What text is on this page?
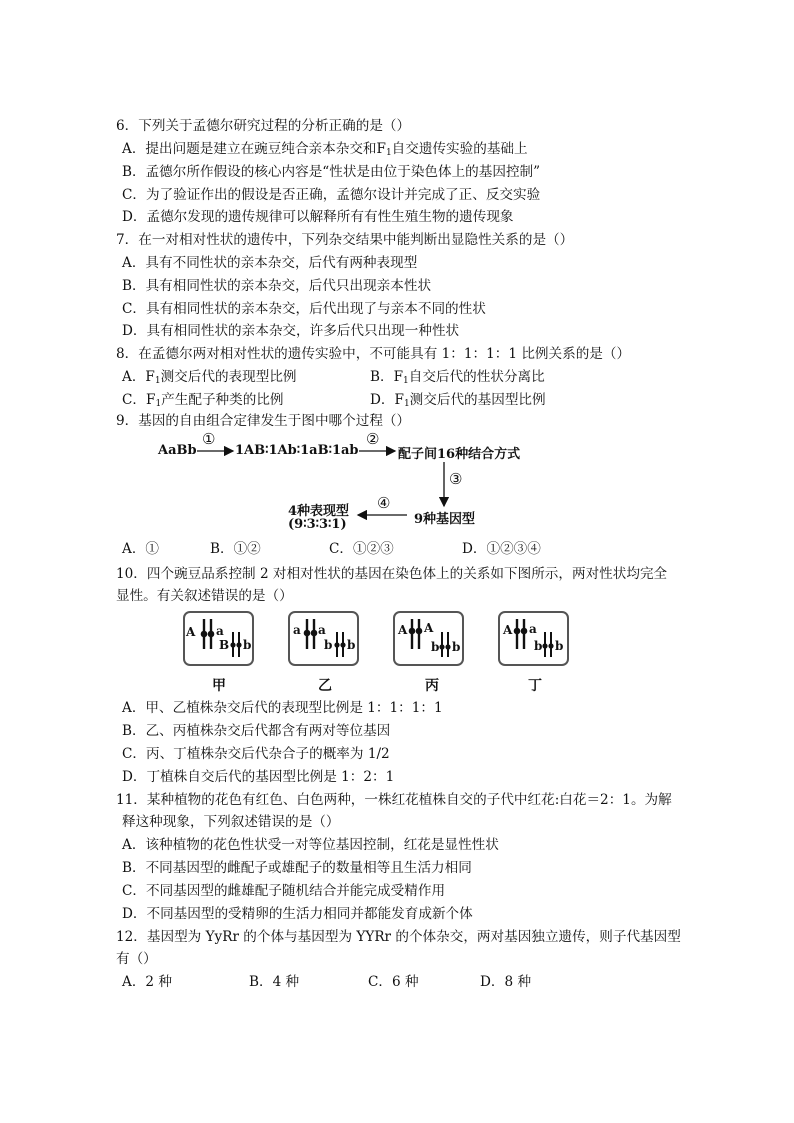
6．下列关于孟德尔研究过程的分析正确的是（）
A．提出问题是建立在豌豆纯合亲本杂交和$F_1$自交遗传实验的基础上
B．孟德尔所作假设的核心内容是“性状是由位于染色体上的基因控制”
C．为了验证作出的假设是否正确，孟德尔设计并完成了正、反交实验
D．孟德尔发现的遗传规律可以解释所有有性生殖生物的遗传现象
7．在一对相对性状的遗传中，下列杂交结果中能判断出显隐性关系的是（）
A．具有不同性状的亲本杂交，后代有两种表现型
B．具有相同性状的亲本杂交，后代只出现亲本性状
C．具有相同性状的亲本杂交，后代出现了与亲本不同的性状
D．具有相同性状的亲本杂交，许多后代只出现一种性状
8．在孟德尔两对相对性状的遗传实验中，不可能具有 1：1：1：1 比例关系的是（）
A．$F_1$测交后代的表现型比例	B．$F_1$自交后代的性状分离比
C．$F_1$产生配子种类的比例	D．$F_1$测交后代的基因型比例
9．基因的自由组合定律发生于图中哪个过程（）
AaBb
①
1AB∶1Ab∶1aB∶1ab
②
配子间16种结合方式
③
9种基因型
④
4种表现型
(9∶3∶3∶1)
A．①	B．①②	C．①②③	D．①②③④
10．四个豌豆品系控制 2 对相对性状的基因在染色体上的关系如下图所示，两对性状均完全
显性。有关叙述错误的是（）
A a
B b
a a
b b
A A
b b
A a
b b
甲	乙	丙	丁
A．甲、乙植株杂交后代的表现型比例是 1：1：1：1
B．乙、丙植株杂交后代都含有两对等位基因
C．丙、丁植株杂交后代杂合子的概率为 1/2
D．丁植株自交后代的基因型比例是 1：2：1
11．某种植物的花色有红色、白色两种，一株红花植株自交的子代中红花:白花＝2：1。为解
释这种现象，下列叙述错误的是（）
A．该种植物的花色性状受一对等位基因控制，红花是显性性状
B．不同基因型的雌配子或雄配子的数量相等且生活力相同
C．不同基因型的雌雄配子随机结合并能完成受精作用
D．不同基因型的受精卵的生活力相同并都能发育成新个体
12．基因型为 YyRr 的个体与基因型为 YYRr 的个体杂交，两对基因独立遗传，则子代基因型
有（）
A．2 种	B．4 种	C．6 种	D．8 种
